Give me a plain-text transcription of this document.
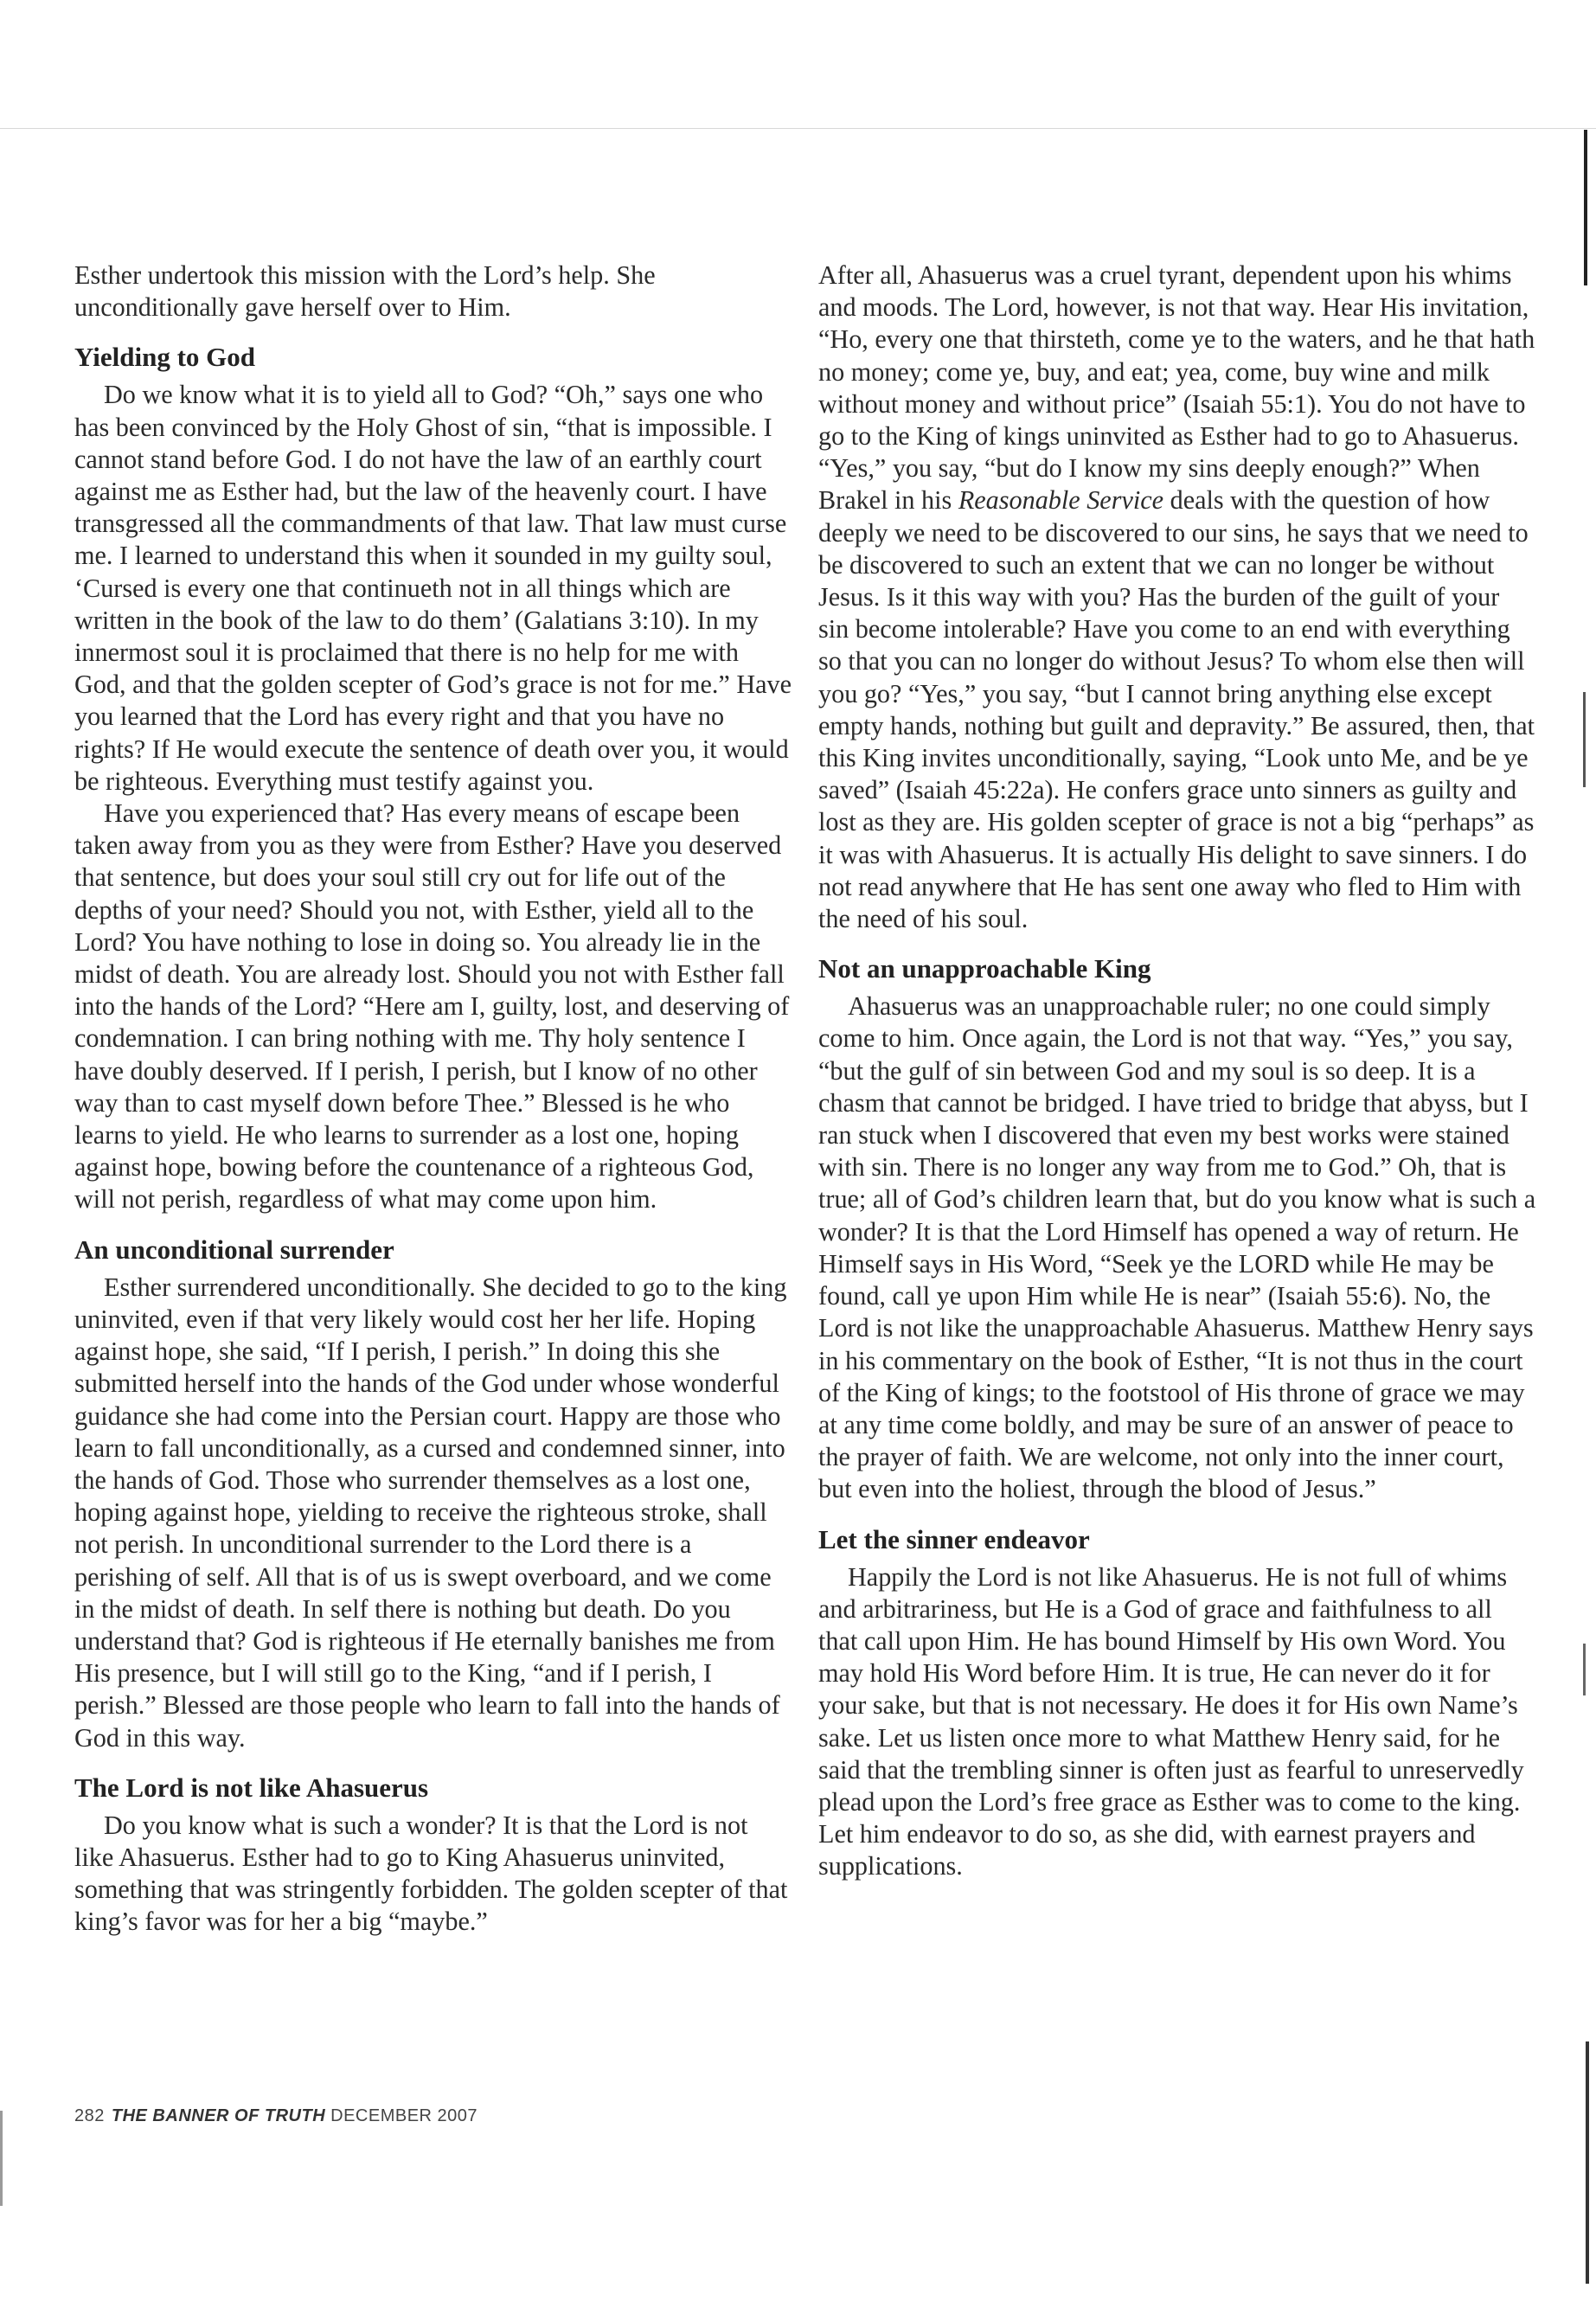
Esther undertook this mission with the Lord’s help. She unconditionally gave herself over to Him.

Yielding to God

Do we know what it is to yield all to God? “Oh,” says one who has been convinced by the Holy Ghost of sin, “that is impossible. I cannot stand before God. I do not have the law of an earthly court against me as Esther had, but the law of the heavenly court. I have transgressed all the commandments of that law. That law must curse me. I learned to understand this when it sounded in my guilty soul, ‘Cursed is every one that continueth not in all things which are written in the book of the law to do them’ (Galatians 3:10). In my innermost soul it is proclaimed that there is no help for me with God, and that the golden scepter of God’s grace is not for me.” Have you learned that the Lord has every right and that you have no rights? If He would execute the sentence of death over you, it would be righteous. Everything must testify against you.

Have you experienced that? Has every means of escape been taken away from you as they were from Esther? Have you deserved that sentence, but does your soul still cry out for life out of the depths of your need? Should you not, with Esther, yield all to the Lord? You have nothing to lose in doing so. You already lie in the midst of death. You are already lost. Should you not with Esther fall into the hands of the Lord? “Here am I, guilty, lost, and deserving of condemnation. I can bring nothing with me. Thy holy sentence I have doubly deserved. If I perish, I perish, but I know of no other way than to cast myself down before Thee.” Blessed is he who learns to yield. He who learns to surrender as a lost one, hoping against hope, bowing before the countenance of a righteous God, will not perish, regardless of what may come upon him.

An unconditional surrender

Esther surrendered unconditionally. She decided to go to the king uninvited, even if that very likely would cost her her life. Hoping against hope, she said, “If I perish, I perish.” In doing this she submitted herself into the hands of the God under whose wonderful guidance she had come into the Persian court. Happy are those who learn to fall unconditionally, as a cursed and condemned sinner, into the hands of God. Those who surrender themselves as a lost one, hoping against hope, yielding to receive the righteous stroke, shall not perish. In unconditional surrender to the Lord there is a perishing of self. All that is of us is swept overboard, and we come in the midst of death. In self there is nothing but death. Do you understand that? God is righteous if He eternally banishes me from His presence, but I will still go to the King, “and if I perish, I perish.” Blessed are those people who learn to fall into the hands of God in this way.

The Lord is not like Ahasuerus

Do you know what is such a wonder? It is that the Lord is not like Ahasuerus. Esther had to go to King Ahasuerus uninvited, something that was stringently forbidden. The golden scepter of that king’s favor was for her a big “maybe.”

After all, Ahasuerus was a cruel tyrant, dependent upon his whims and moods. The Lord, however, is not that way. Hear His invitation, “Ho, every one that thirsteth, come ye to the waters, and he that hath no money; come ye, buy, and eat; yea, come, buy wine and milk without money and without price” (Isaiah 55:1). You do not have to go to the King of kings uninvited as Esther had to go to Ahasuerus. “Yes,” you say, “but do I know my sins deeply enough?” When Brakel in his Reasonable Service deals with the question of how deeply we need to be discovered to our sins, he says that we need to be discovered to such an extent that we can no longer be without Jesus. Is it this way with you? Has the burden of the guilt of your sin become intolerable? Have you come to an end with everything so that you can no longer do without Jesus? To whom else then will you go? “Yes,” you say, “but I cannot bring anything else except empty hands, nothing but guilt and depravity.” Be assured, then, that this King invites unconditionally, saying, “Look unto Me, and be ye saved” (Isaiah 45:22a). He confers grace unto sinners as guilty and lost as they are. His golden scepter of grace is not a big “perhaps” as it was with Ahasuerus. It is actually His delight to save sinners. I do not read anywhere that He has sent one away who fled to Him with the need of his soul.

Not an unapproachable King

Ahasuerus was an unapproachable ruler; no one could simply come to him. Once again, the Lord is not that way. “Yes,” you say, “but the gulf of sin between God and my soul is so deep. It is a chasm that cannot be bridged. I have tried to bridge that abyss, but I ran stuck when I discovered that even my best works were stained with sin. There is no longer any way from me to God.” Oh, that is true; all of God’s children learn that, but do you know what is such a wonder? It is that the Lord Himself has opened a way of return. He Himself says in His Word, “Seek ye the LORD while He may be found, call ye upon Him while He is near” (Isaiah 55:6). No, the Lord is not like the unapproachable Ahasuerus. Matthew Henry says in his commentary on the book of Esther, “It is not thus in the court of the King of kings; to the footstool of His throne of grace we may at any time come boldly, and may be sure of an answer of peace to the prayer of faith. We are welcome, not only into the inner court, but even into the holiest, through the blood of Jesus.”

Let the sinner endeavor

Happily the Lord is not like Ahasuerus. He is not full of whims and arbitrariness, but He is a God of grace and faithfulness to all that call upon Him. He has bound Himself by His own Word. You may hold His Word before Him. It is true, He can never do it for your sake, but that is not necessary. He does it for His own Name’s sake. Let us listen once more to what Matthew Henry said, for he said that the trembling sinner is often just as fearful to unreservedly plead upon the Lord’s free grace as Esther was to come to the king. Let him endeavor to do so, as she did, with earnest prayers and supplications.

282 THE BANNER OF TRUTH DECEMBER 2007
